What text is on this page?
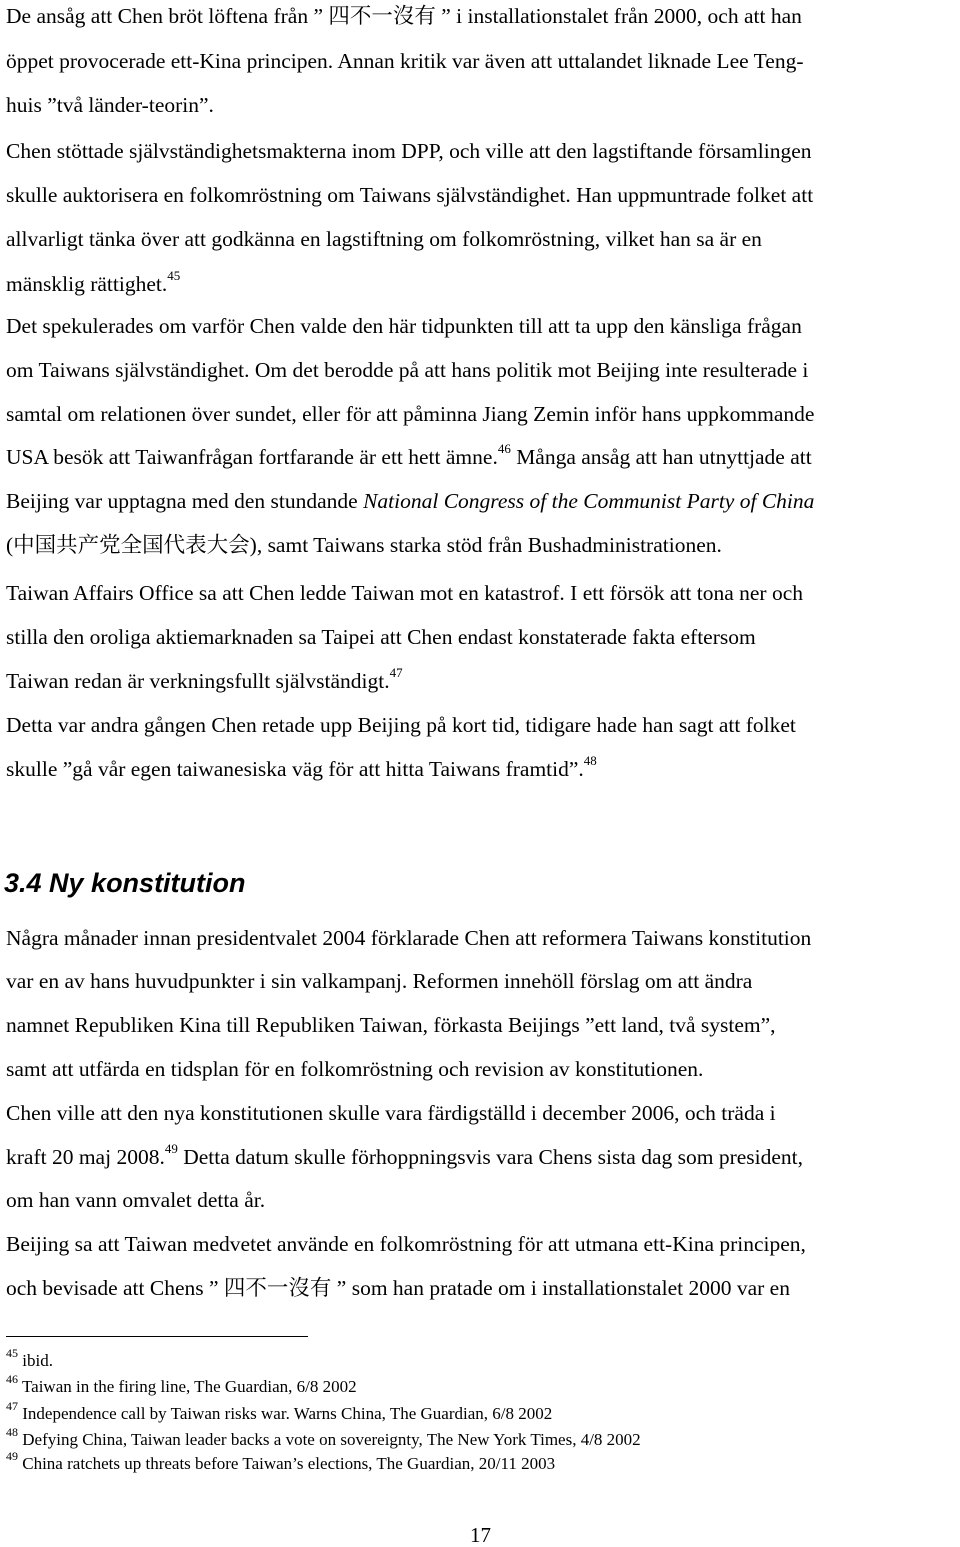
De ansåg att Chen bröt löftena från ” 四不一沒有 ” i installationstalet från 2000, och att han
öppet provocerade ett-Kina principen. Annan kritik var även att uttalandet liknade Lee Teng-
huis ”två länder-teorin”.
Chen stöttade självständighetsmakterna inom DPP, och ville att den lagstiftande församlingen
skulle auktorisera en folkomröstning om Taiwans självständighet. Han uppmuntrade folket att
allvarligt tänka över att godkänna en lagstiftning om folkomröstning, vilket han sa är en
mänsklig rättighet.$^{45}$
Det spekulerades om varför Chen valde den här tidpunkten till att ta upp den känsliga frågan
om Taiwans självständighet. Om det berodde på att hans politik mot Beijing inte resulterade i
samtal om relationen över sundet, eller för att påminna Jiang Zemin inför hans uppkommande
USA besök att Taiwanfrågan fortfarande är ett hett ämne.$^{46}$ Många ansåg att han utnyttjade att
Beijing var upptagna med den stundande National Congress of the Communist Party of China
(中国共产党全国代表大会), samt Taiwans starka stöd från Bushadministrationen.
Taiwan Affairs Office sa att Chen ledde Taiwan mot en katastrof. I ett försök att tona ner och
stilla den oroliga aktiemarknaden sa Taipei att Chen endast konstaterade fakta eftersom
Taiwan redan är verkningsfullt självständigt.$^{47}$
Detta var andra gången Chen retade upp Beijing på kort tid, tidigare hade han sagt att folket
skulle ”gå vår egen taiwanesiska väg för att hitta Taiwans framtid”.$^{48}$
3.4 Ny konstitution
Några månader innan presidentvalet 2004 förklarade Chen att reformera Taiwans konstitution
var en av hans huvudpunkter i sin valkampanj. Reformen innehöll förslag om att ändra
namnet Republiken Kina till Republiken Taiwan, förkasta Beijings ”ett land, två system”,
samt att utfärda en tidsplan för en folkomröstning och revision av konstitutionen.
Chen ville att den nya konstitutionen skulle vara färdigställd i december 2006, och träda i
kraft 20 maj 2008.49 Detta datum skulle förhoppningsvis vara Chens sista dag som president,
om han vann omvalet detta år.
Beijing sa att Taiwan medvetet använde en folkomröstning för att utmana ett-Kina principen,
och bevisade att Chens ” 四不一沒有 ” som han pratade om i installationstalet 2000 var en
$^{45}$ ibid.
$^{46}$ Taiwan in the firing line, The Guardian, 6/8 2002
$^{47}$ Independence call by Taiwan risks war. Warns China, The Guardian, 6/8 2002
$^{48}$ Defying China, Taiwan leader backs a vote on sovereignty, The New York Times, 4/8 2002
$^{49}$ China ratchets up threats before Taiwan’s elections, The Guardian, 20/11 2003
17
